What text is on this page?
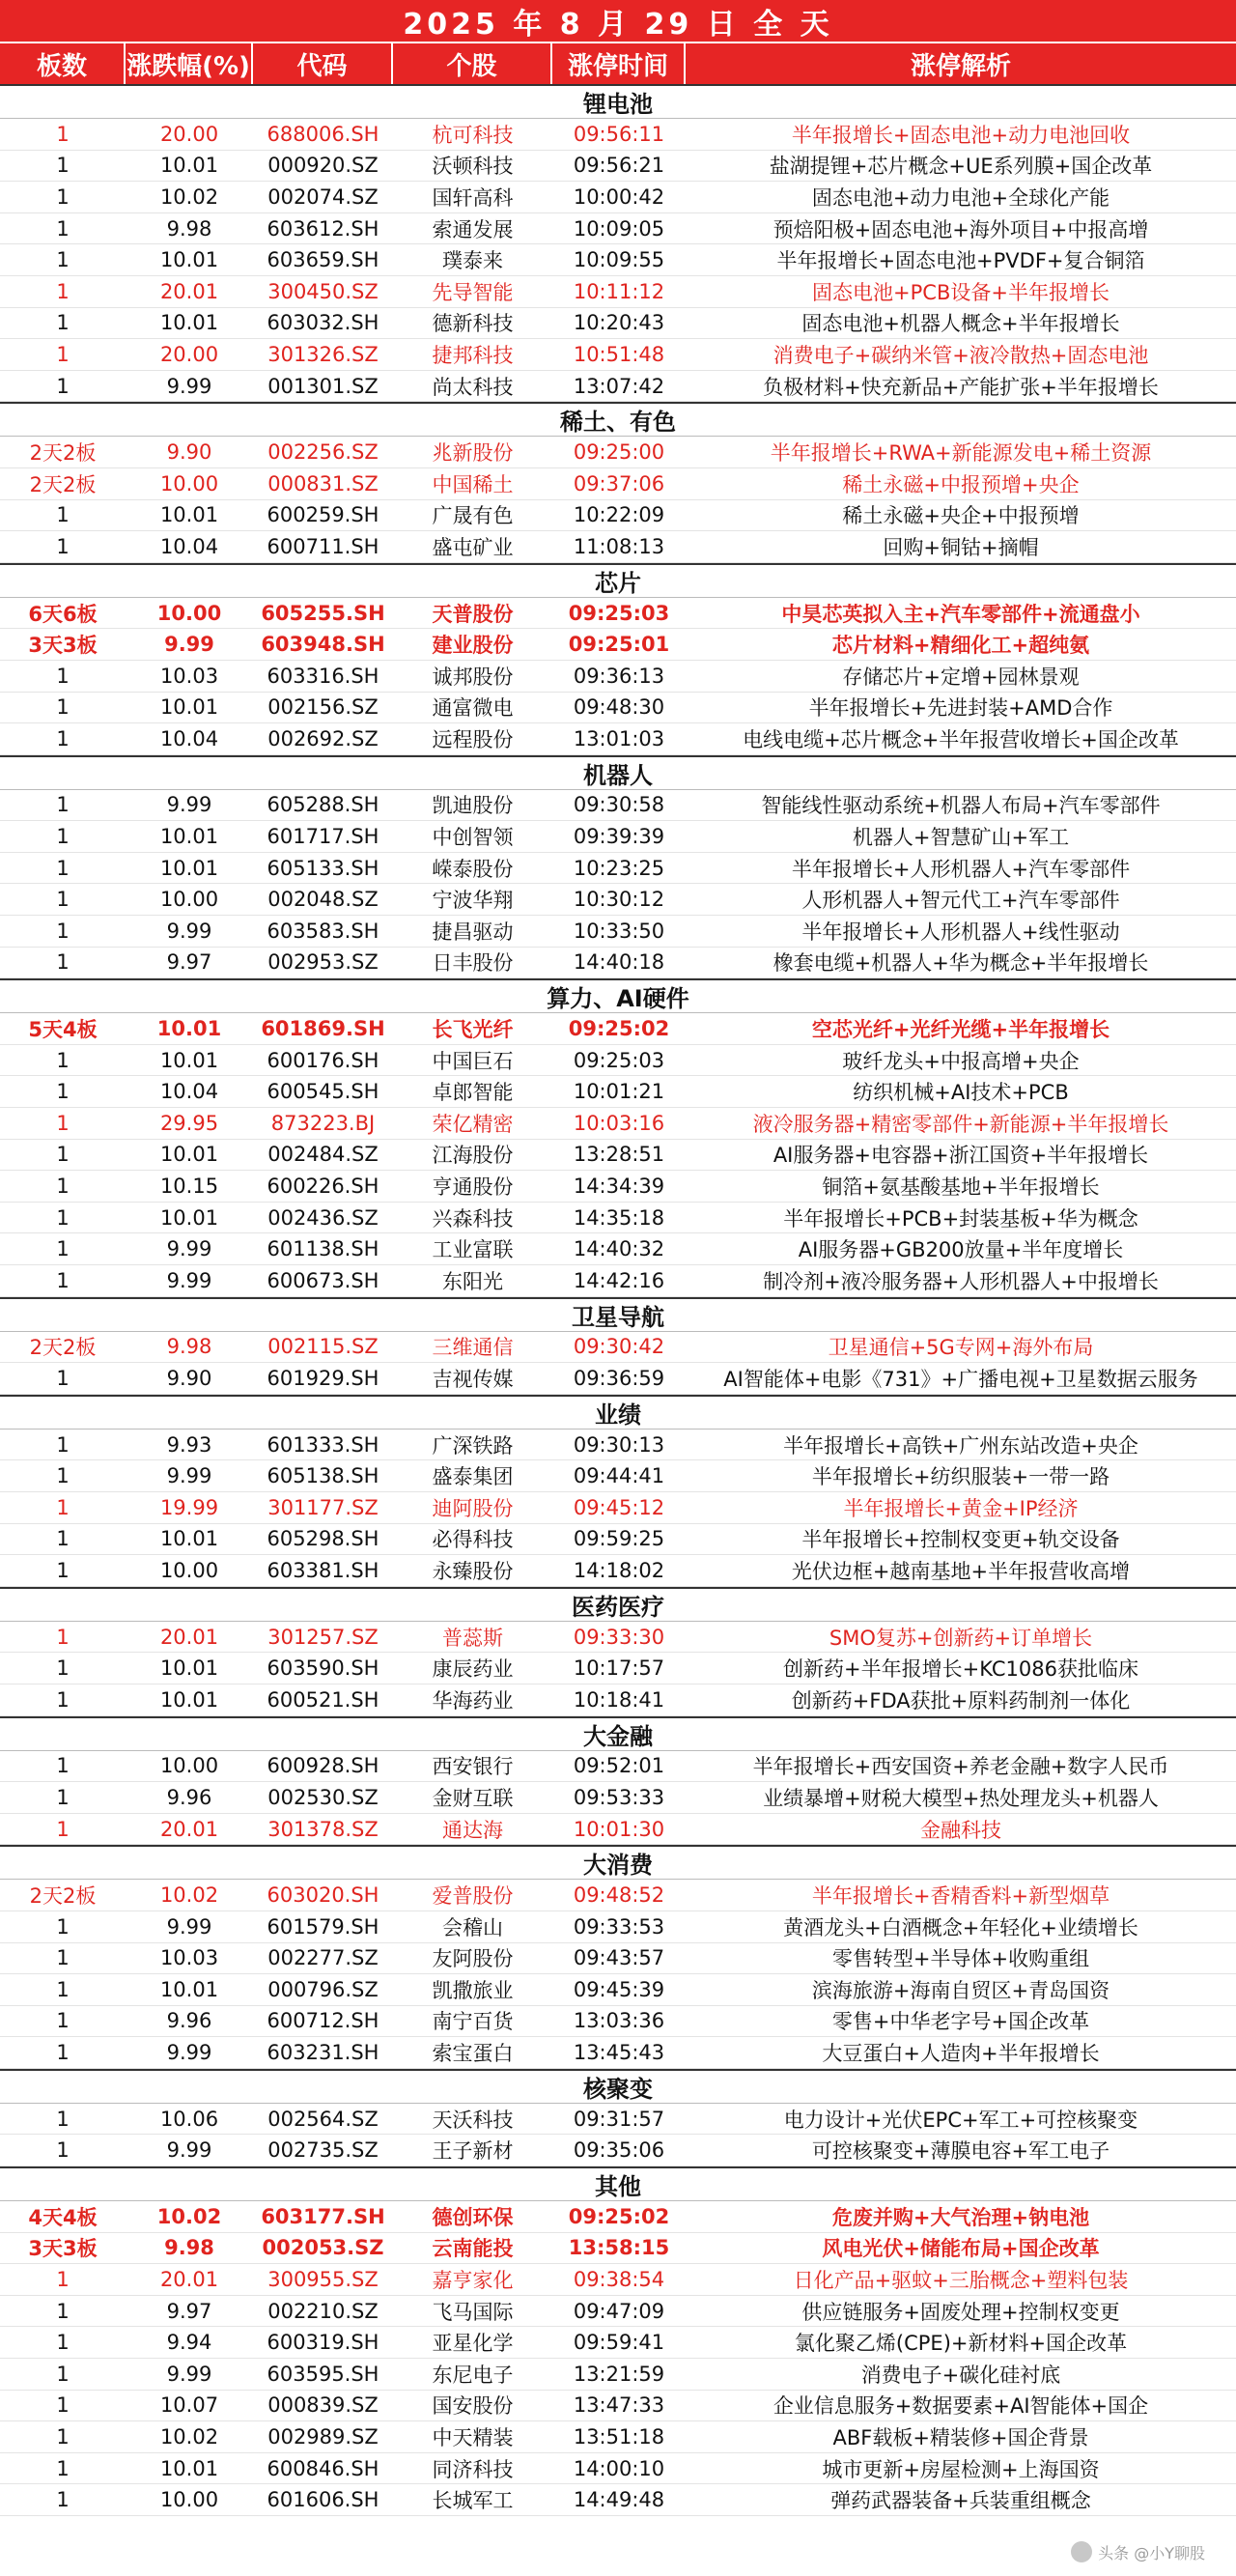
2025 年 8 月 29 日 全 天
板数	涨跌幅(%)	代码	个股	涨停时间	涨停解析
锂电池
1	20.00	688006.SH	杭可科技	09:56:11	半年报增长+固态电池+动力电池回收
1	10.01	000920.SZ	沃顿科技	09:56:21	盐湖提锂+芯片概念+UE系列膜+国企改革
1	10.02	002074.SZ	国轩高科	10:00:42	固态电池+动力电池+全球化产能
1	9.98	603612.SH	索通发展	10:09:05	预焙阳极+固态电池+海外项目+中报高增
1	10.01	603659.SH	璞泰来	10:09:55	半年报增长+固态电池+PVDF+复合铜箔
1	20.01	300450.SZ	先导智能	10:11:12	固态电池+PCB设备+半年报增长
1	10.01	603032.SH	德新科技	10:20:43	固态电池+机器人概念+半年报增长
1	20.00	301326.SZ	捷邦科技	10:51:48	消费电子+碳纳米管+液冷散热+固态电池
1	9.99	001301.SZ	尚太科技	13:07:42	负极材料+快充新品+产能扩张+半年报增长
稀土、有色
2天2板	9.90	002256.SZ	兆新股份	09:25:00	半年报增长+RWA+新能源发电+稀土资源
2天2板	10.00	000831.SZ	中国稀土	09:37:06	稀土永磁+中报预增+央企
1	10.01	600259.SH	广晟有色	10:22:09	稀土永磁+央企+中报预增
1	10.04	600711.SH	盛屯矿业	11:08:13	回购+铜钴+摘帽
芯片
6天6板	10.00	605255.SH	天普股份	09:25:03	中昊芯英拟入主+汽车零部件+流通盘小
3天3板	9.99	603948.SH	建业股份	09:25:01	芯片材料+精细化工+超纯氨
1	10.03	603316.SH	诚邦股份	09:36:13	存储芯片+定增+园林景观
1	10.01	002156.SZ	通富微电	09:48:30	半年报增长+先进封装+AMD合作
1	10.04	002692.SZ	远程股份	13:01:03	电线电缆+芯片概念+半年报营收增长+国企改革
机器人
1	9.99	605288.SH	凯迪股份	09:30:58	智能线性驱动系统+机器人布局+汽车零部件
1	10.01	601717.SH	中创智领	09:39:39	机器人+智慧矿山+军工
1	10.01	605133.SH	嵘泰股份	10:23:25	半年报增长+人形机器人+汽车零部件
1	10.00	002048.SZ	宁波华翔	10:30:12	人形机器人+智元代工+汽车零部件
1	9.99	603583.SH	捷昌驱动	10:33:50	半年报增长+人形机器人+线性驱动
1	9.97	002953.SZ	日丰股份	14:40:18	橡套电缆+机器人+华为概念+半年报增长
算力、AI硬件
5天4板	10.01	601869.SH	长飞光纤	09:25:02	空芯光纤+光纤光缆+半年报增长
1	10.01	600176.SH	中国巨石	09:25:03	玻纤龙头+中报高增+央企
1	10.04	600545.SH	卓郎智能	10:01:21	纺织机械+AI技术+PCB
1	29.95	873223.BJ	荣亿精密	10:03:16	液冷服务器+精密零部件+新能源+半年报增长
1	10.01	002484.SZ	江海股份	13:28:51	AI服务器+电容器+浙江国资+半年报增长
1	10.15	600226.SH	亨通股份	14:34:39	铜箔+氨基酸基地+半年报增长
1	10.01	002436.SZ	兴森科技	14:35:18	半年报增长+PCB+封装基板+华为概念
1	9.99	601138.SH	工业富联	14:40:32	AI服务器+GB200放量+半年度增长
1	9.99	600673.SH	东阳光	14:42:16	制冷剂+液冷服务器+人形机器人+中报增长
卫星导航
2天2板	9.98	002115.SZ	三维通信	09:30:42	卫星通信+5G专网+海外布局
1	9.90	601929.SH	吉视传媒	09:36:59	AI智能体+电影《731》+广播电视+卫星数据云服务
业绩
1	9.93	601333.SH	广深铁路	09:30:13	半年报增长+高铁+广州东站改造+央企
1	9.99	605138.SH	盛泰集团	09:44:41	半年报增长+纺织服装+一带一路
1	19.99	301177.SZ	迪阿股份	09:45:12	半年报增长+黄金+IP经济
1	10.01	605298.SH	必得科技	09:59:25	半年报增长+控制权变更+轨交设备
1	10.00	603381.SH	永臻股份	14:18:02	光伏边框+越南基地+半年报营收高增
医药医疗
1	20.01	301257.SZ	普蕊斯	09:33:30	SMO复苏+创新药+订单增长
1	10.01	603590.SH	康辰药业	10:17:57	创新药+半年报增长+KC1086获批临床
1	10.01	600521.SH	华海药业	10:18:41	创新药+FDA获批+原料药制剂一体化
大金融
1	10.00	600928.SH	西安银行	09:52:01	半年报增长+西安国资+养老金融+数字人民币
1	9.96	002530.SZ	金财互联	09:53:33	业绩暴增+财税大模型+热处理龙头+机器人
1	20.01	301378.SZ	通达海	10:01:30	金融科技
大消费
2天2板	10.02	603020.SH	爱普股份	09:48:52	半年报增长+香精香料+新型烟草
1	9.99	601579.SH	会稽山	09:33:53	黄酒龙头+白酒概念+年轻化+业绩增长
1	10.03	002277.SZ	友阿股份	09:43:57	零售转型+半导体+收购重组
1	10.01	000796.SZ	凯撒旅业	09:45:39	滨海旅游+海南自贸区+青岛国资
1	9.96	600712.SH	南宁百货	13:03:36	零售+中华老字号+国企改革
1	9.99	603231.SH	索宝蛋白	13:45:43	大豆蛋白+人造肉+半年报增长
核聚变
1	10.06	002564.SZ	天沃科技	09:31:57	电力设计+光伏EPC+军工+可控核聚变
1	9.99	002735.SZ	王子新材	09:35:06	可控核聚变+薄膜电容+军工电子
其他
4天4板	10.02	603177.SH	德创环保	09:25:02	危废并购+大气治理+钠电池
3天3板	9.98	002053.SZ	云南能投	13:58:15	风电光伏+储能布局+国企改革
1	20.01	300955.SZ	嘉亨家化	09:38:54	日化产品+驱蚊+三胎概念+塑料包装
1	9.97	002210.SZ	飞马国际	09:47:09	供应链服务+固废处理+控制权变更
1	9.94	600319.SH	亚星化学	09:59:41	氯化聚乙烯(CPE)+新材料+国企改革
1	9.99	603595.SH	东尼电子	13:21:59	消费电子+碳化硅衬底
1	10.07	000839.SZ	国安股份	13:47:33	企业信息服务+数据要素+AI智能体+国企
1	10.02	002989.SZ	中天精装	13:51:18	ABF载板+精装修+国企背景
1	10.01	600846.SH	同济科技	14:00:10	城市更新+房屋检测+上海国资
1	10.00	601606.SH	长城军工	14:49:48	弹药武器装备+兵装重组概念
头条 @小Y聊股
